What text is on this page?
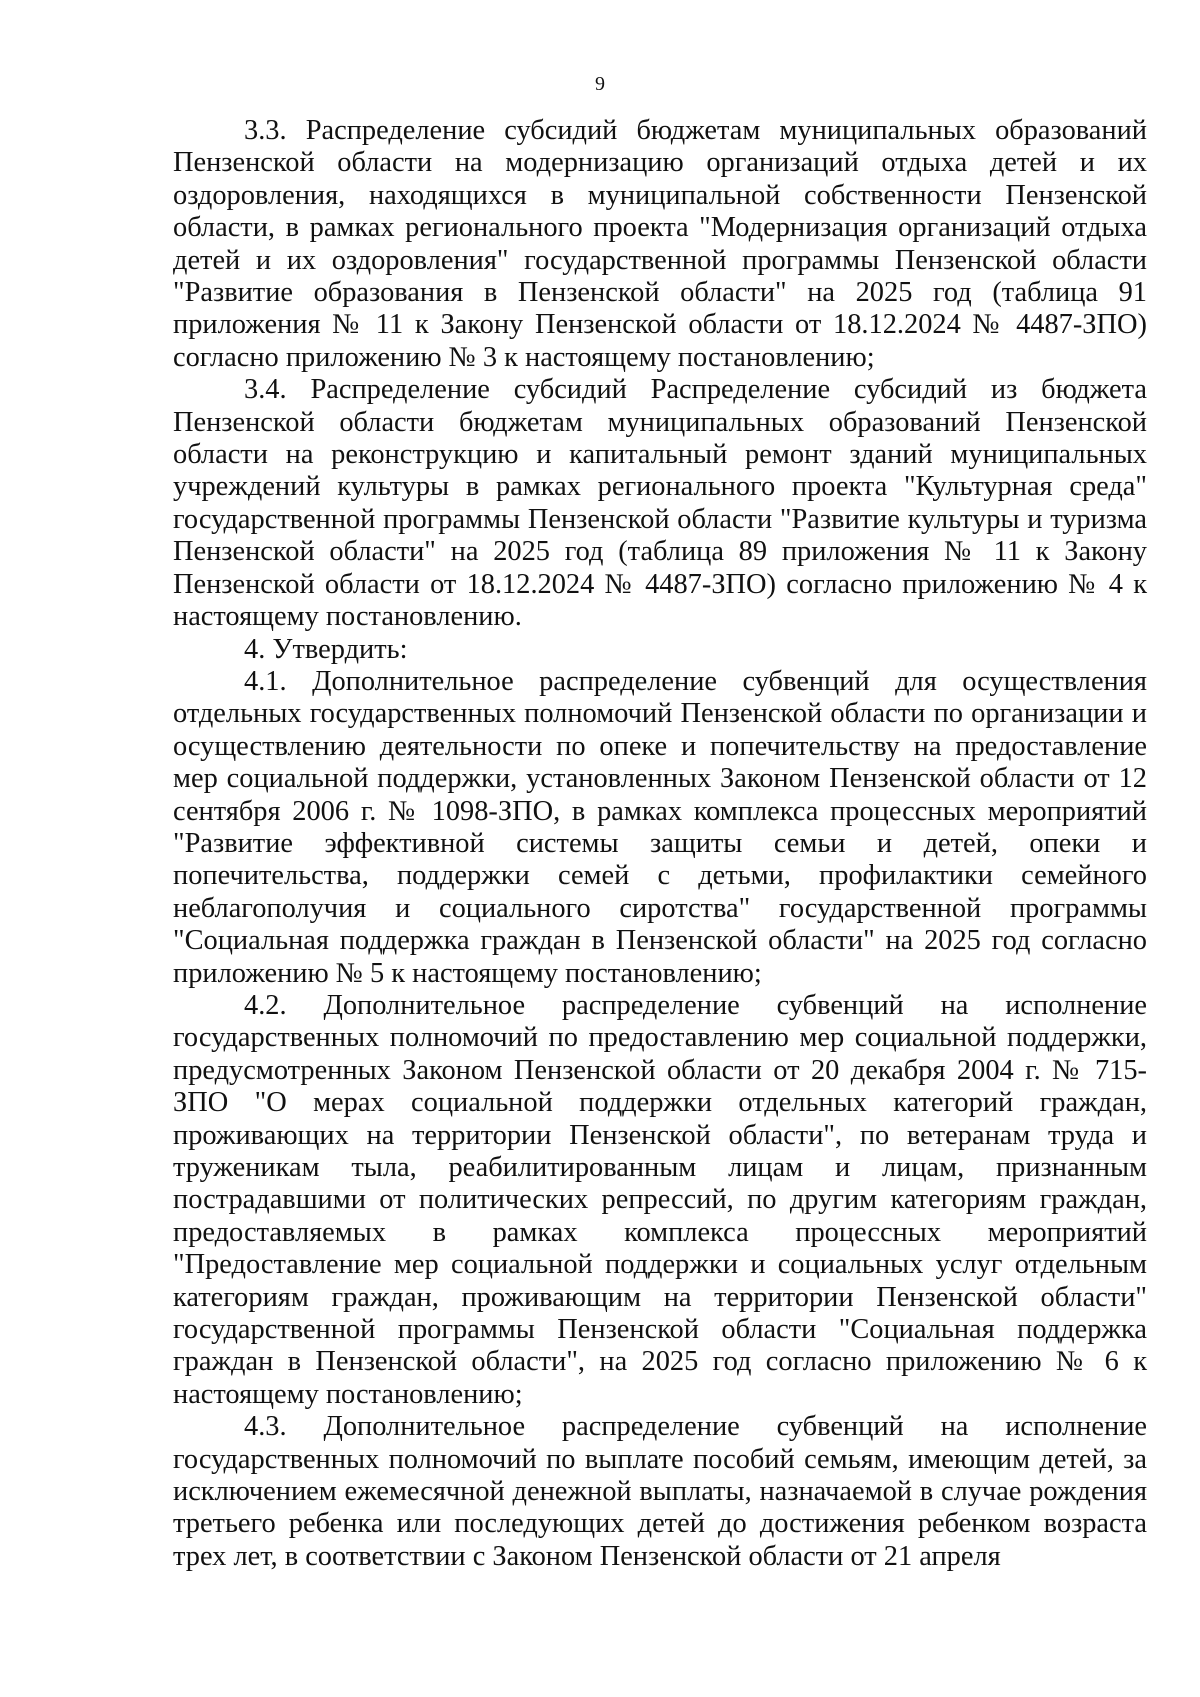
9

3.3. Распределение субсидий бюджетам муниципальных образований Пензенской области на модернизацию организаций отдыха детей и их оздоровления, находящихся в муниципальной собственности Пензенской области, в рамках регионального проекта "Модернизация организаций отдыха детей и их оздоровления" государственной программы Пензенской области "Развитие образования в Пензенской области" на 2025 год (таблица 91 приложения № 11 к Закону Пензенской области от 18.12.2024 № 4487-ЗПО) согласно приложению № 3 к настоящему постановлению;

3.4. Распределение субсидий Распределение субсидий из бюджета Пензенской области бюджетам муниципальных образований Пензенской области на реконструкцию и капитальный ремонт зданий муниципальных учреждений культуры в рамках регионального проекта "Культурная среда" государственной программы Пензенской области "Развитие культуры и туризма Пензенской области" на 2025 год (таблица 89 приложения № 11 к Закону Пензенской области от 18.12.2024 № 4487-ЗПО) согласно приложению № 4 к настоящему постановлению.

4. Утвердить:

4.1. Дополнительное распределение субвенций для осуществления отдельных государственных полномочий Пензенской области по организации и осуществлению деятельности по опеке и попечительству на предоставление мер социальной поддержки, установленных Законом Пензенской области от 12 сентября 2006 г. № 1098-ЗПО, в рамках комплекса процессных мероприятий "Развитие эффективной системы защиты семьи и детей, опеки и попечительства, поддержки семей с детьми, профилактики семейного неблагополучия и социального сиротства" государственной программы "Социальная поддержка граждан в Пензенской области" на 2025 год согласно приложению № 5 к настоящему постановлению;

4.2. Дополнительное распределение субвенций на исполнение государственных полномочий по предоставлению мер социальной поддержки, предусмотренных Законом Пензенской области от 20 декабря 2004 г. № 715-ЗПО "О мерах социальной поддержки отдельных категорий граждан, проживающих на территории Пензенской области", по ветеранам труда и труженикам тыла, реабилитированным лицам и лицам, признанным пострадавшими от политических репрессий, по другим категориям граждан, предоставляемых в рамках комплекса процессных мероприятий "Предоставление мер социальной поддержки и социальных услуг отдельным категориям граждан, проживающим на территории Пензенской области" государственной программы Пензенской области "Социальная поддержка граждан в Пензенской области", на 2025 год согласно приложению № 6 к настоящему постановлению;

4.3. Дополнительное распределение субвенций на исполнение государственных полномочий по выплате пособий семьям, имеющим детей, за исключением ежемесячной денежной выплаты, назначаемой в случае рождения третьего ребенка или последующих детей до достижения ребенком возраста трех лет, в соответствии с Законом Пензенской области от 21 апреля
